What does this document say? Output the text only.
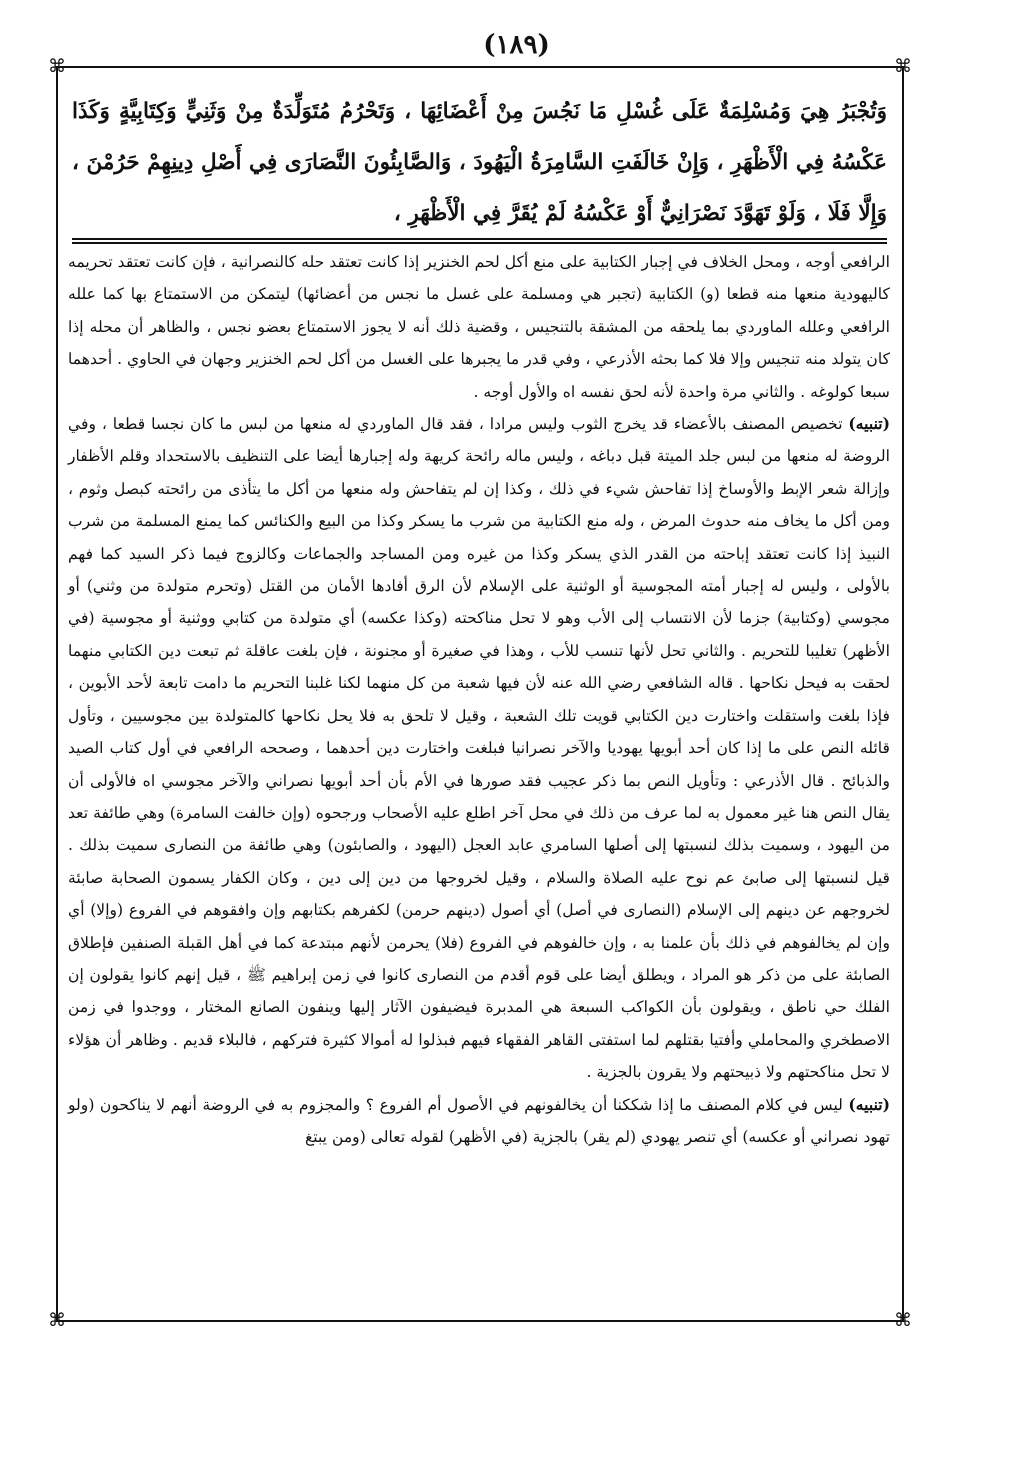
(١٨٩)
⌘	⌘
⌘	⌘

وَتُجْبَرُ هِيَ وَمُسْلِمَةٌ عَلَى غُسْلِ مَا نَجُسَ مِنْ أَعْضَائِهَا ، وَتَحْرُمُ مُتَوَلِّدَةٌ مِنْ وَثَنِيٍّ وَكِتَابِيَّةٍ وَكَذَا عَكْسُهُ فِي الْأَظْهَرِ ، وَإِنْ خَالَفَتِ السَّامِرَةُ الْيَهُودَ ، وَالصَّابِئُونَ النَّصَارَى فِي أَصْلِ دِينِهِمْ حَرُمْنَ ، وَإِلَّا فَلَا ، وَلَوْ تَهَوَّدَ نَصْرَانِيٌّ أَوْ عَكْسُهُ لَمْ يُقَرَّ فِي الْأَظْهَرِ ،

الرافعي أوجه ، ومحل الخلاف في إجبار الكتابية على منع أكل لحم الخنزير إذا كانت تعتقد حله كالنصرانية ، فإن كانت تعتقد تحريمه كاليهودية منعها منه قطعا (و) الكتابية (تجبر هي ومسلمة على غسل ما نجس من أعضائها) ليتمكن من الاستمتاع بها كما علله الرافعي وعلله الماوردي بما يلحقه من المشقة بالتنجيس ، وقضية ذلك أنه لا يجوز الاستمتاع بعضو نجس ، والظاهر أن محله إذا كان يتولد منه تنجيس وإلا فلا كما بحثه الأذرعي ، وفي قدر ما يجبرها على الغسل من أكل لحم الخنزير وجهان في الحاوي . أحدهما سبعا كولوغه . والثاني مرة واحدة لأنه لحق نفسه اه والأول أوجه .

(تنبيه) تخصيص المصنف بالأعضاء قد يخرج الثوب وليس مرادا ، فقد قال الماوردي له منعها من لبس ما كان نجسا قطعا ، وفي الروضة له منعها من لبس جلد الميتة قبل دباغه ، وليس ماله رائحة كريهة وله إجبارها أيضا على التنظيف بالاستحداد وقلم الأظفار وإزالة شعر الإبط والأوساخ إذا تفاحش شيء في ذلك ، وكذا إن لم يتفاحش وله منعها من أكل ما يتأذى من رائحته كبصل وثوم ، ومن أكل ما يخاف منه حدوث المرض ، وله منع الكتابية من شرب ما يسكر وكذا من البيع والكنائس كما يمنع المسلمة من شرب النبيذ إذا كانت تعتقد إباحته من القدر الذي يسكر وكذا من غيره ومن المساجد والجماعات وكالزوج فيما ذكر السيد كما فهم بالأولى ، وليس له إجبار أمته المجوسية أو الوثنية على الإسلام لأن الرق أفادها الأمان من القتل (وتحرم متولدة من وثني) أو مجوسي (وكتابية) جزما لأن الانتساب إلى الأب وهو لا تحل مناكحته (وكذا عكسه) أي متولدة من كتابي ووثنية أو مجوسية (في الأظهر) تغليبا للتحريم . والثاني تحل لأنها تنسب للأب ، وهذا في صغيرة أو مجنونة ، فإن بلغت عاقلة ثم تبعت دين الكتابي منهما لحقت به فيحل نكاحها . قاله الشافعي رضي الله عنه لأن فيها شعبة من كل منهما لكنا غلبنا التحريم ما دامت تابعة لأحد الأبوين ، فإذا بلغت واستقلت واختارت دين الكتابي قويت تلك الشعبة ، وقيل لا تلحق به فلا يحل نكاحها كالمتولدة بين مجوسيين ، وتأول قائله النص على ما إذا كان أحد أبويها يهوديا والآخر نصرانيا فبلغت واختارت دين أحدهما ، وصححه الرافعي في أول كتاب الصيد والذبائح . قال الأذرعي : وتأويل النص بما ذكر عجيب فقد صورها في الأم بأن أحد أبويها نصراني والآخر مجوسي اه فالأولى أن يقال النص هنا غير معمول به لما عرف من ذلك في محل آخر اطلع عليه الأصحاب ورجحوه (وإن خالفت السامرة) وهي طائفة تعد من اليهود ، وسميت بذلك لنسبتها إلى أصلها السامري عابد العجل (اليهود ، والصابئون) وهي طائفة من النصارى سميت بذلك . قيل لنسبتها إلى صابئ عم نوح عليه الصلاة والسلام ، وقيل لخروجها من دين إلى دين ، وكان الكفار يسمون الصحابة صابئة لخروجهم عن دينهم إلى الإسلام (النصارى في أصل) أي أصول (دينهم حرمن) لكفرهم بكتابهم وإن وافقوهم في الفروع (وإلا) أي وإن لم يخالفوهم في ذلك بأن علمنا به ، وإن خالفوهم في الفروع (فلا) يحرمن لأنهم مبتدعة كما في أهل القبلة الصنفين فإطلاق الصابئة على من ذكر هو المراد ، ويطلق أيضا على قوم أقدم من النصارى كانوا في زمن إبراهيم ﷺ ، قيل إنهم كانوا يقولون إن الفلك حي ناطق ، ويقولون بأن الكواكب السبعة هي المدبرة فيضيفون الآثار إليها وينفون الصانع المختار ، ووجدوا في زمن الاصطخري والمحاملي وأفتيا بقتلهم لما استفتى القاهر الفقهاء فيهم فبذلوا له أموالا كثيرة فتركهم ، فالبلاء قديم . وظاهر أن هؤلاء لا تحل مناكحتهم ولا ذبيحتهم ولا يقرون بالجزية .

(تنبيه) ليس في كلام المصنف ما إذا شككنا أن يخالفونهم في الأصول أم الفروع ؟ والمجزوم به في الروضة أنهم لا يناكحون (ولو تهود نصراني أو عكسه) أي تنصر يهودي (لم يقر) بالجزية (في الأظهر) لقوله تعالى (ومن يبتغ
